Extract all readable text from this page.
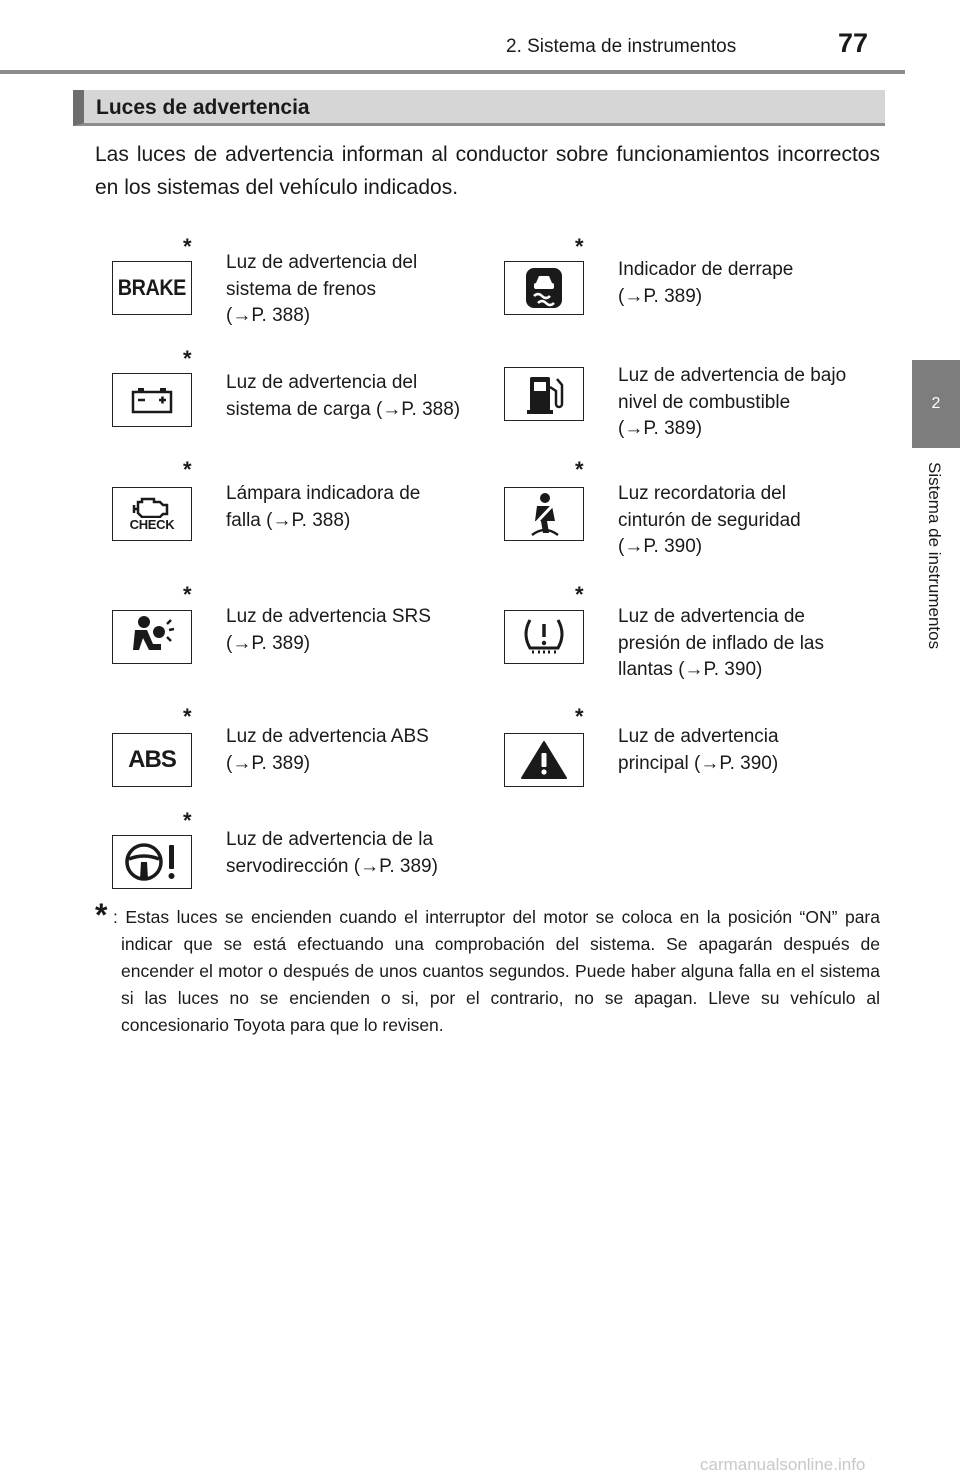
2. Sistema de instrumentos	77
2
Sistema de instrumentos
Luces de advertencia
Las luces de advertencia informan al conductor sobre funcionamientos incorrectos en los sistemas del vehículo indicados.
*
BRAKE
Luz de advertencia del
sistema de frenos
(→P. 388)
*
Indicador de derrape
(→P. 389)
*
Luz de advertencia del
sistema de carga (→P. 388)
Luz de advertencia de bajo
nivel de combustible
(→P. 389)
*
CHECK
Lámpara indicadora de
falla (→P. 388)
*
Luz recordatoria del
cinturón de seguridad
(→P. 390)
*
Luz de advertencia SRS
(→P. 389)
*
Luz de advertencia de
presión de inflado de las
llantas (→P. 390)
*
ABS
Luz de advertencia ABS
(→P. 389)
*
Luz de advertencia
principal (→P. 390)
*
Luz de advertencia de la
servodirección (→P. 389)
* : Estas luces se encienden cuando el interruptor del motor se coloca en la posición “ON” para indicar que se está efectuando una comprobación del sistema. Se apagarán después de encender el motor o después de unos cuantos segundos. Puede haber alguna falla en el sistema si las luces no se encienden o si, por el contrario, no se apagan. Lleve su vehículo al concesionario Toyota para que lo revisen.
carmanualsonline.info
